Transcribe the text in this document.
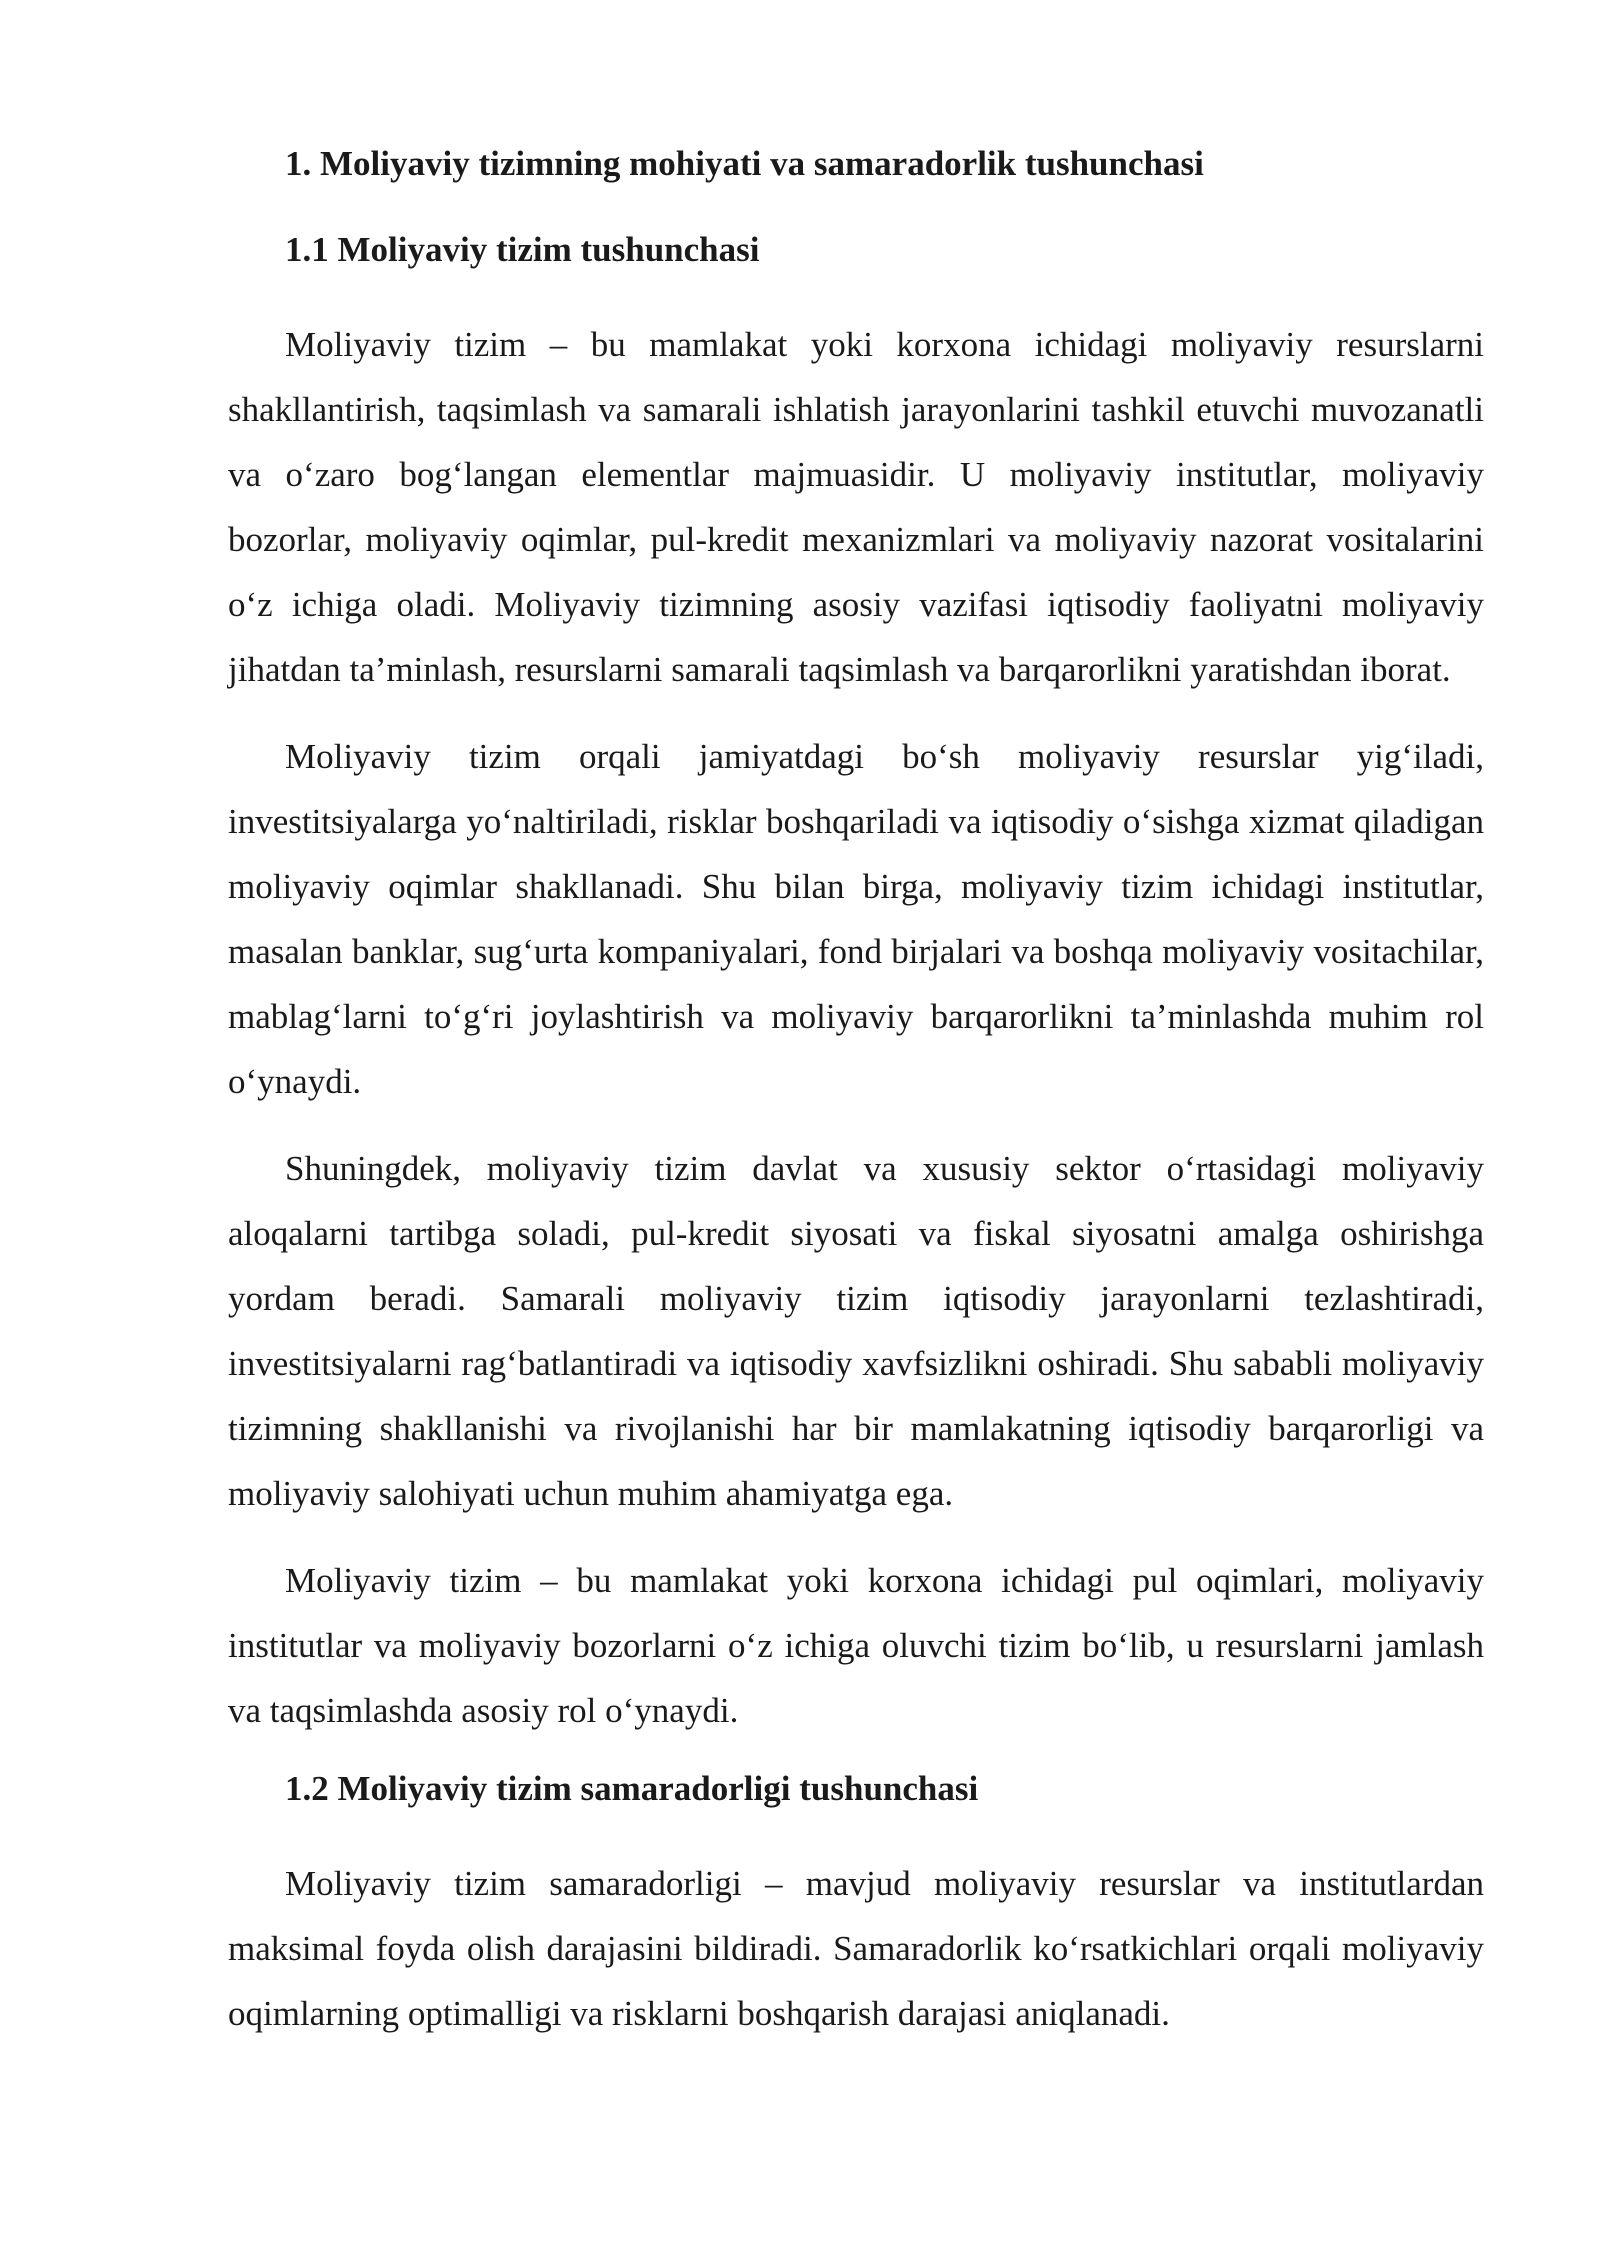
1. Moliyaviy tizimning mohiyati va samaradorlik tushunchasi
1.1 Moliyaviy tizim tushunchasi

Moliyaviy tizim – bu mamlakat yoki korxona ichidagi moliyaviy resurslarni shakllantirish, taqsimlash va samarali ishlatish jarayonlarini tashkil etuvchi muvozanatli va o‘zaro bog‘langan elementlar majmuasidir. U moliyaviy institutlar, moliyaviy bozorlar, moliyaviy oqimlar, pul-kredit mexanizmlari va moliyaviy nazorat vositalarini o‘z ichiga oladi. Moliyaviy tizimning asosiy vazifasi iqtisodiy faoliyatni moliyaviy jihatdan ta’minlash, resurslarni samarali taqsimlash va barqarorlikni yaratishdan iborat.

Moliyaviy tizim orqali jamiyatdagi bo‘sh moliyaviy resurslar yig‘iladi, investitsiyalarga yo‘naltiriladi, risklar boshqariladi va iqtisodiy o‘sishga xizmat qiladigan moliyaviy oqimlar shakllanadi. Shu bilan birga, moliyaviy tizim ichidagi institutlar, masalan banklar, sug‘urta kompaniyalari, fond birjalari va boshqa moliyaviy vositachilar, mablag‘larni to‘g‘ri joylashtirish va moliyaviy barqarorlikni ta’minlashda muhim rol o‘ynaydi.

Shuningdek, moliyaviy tizim davlat va xususiy sektor o‘rtasidagi moliyaviy aloqalarni tartibga soladi, pul-kredit siyosati va fiskal siyosatni amalga oshirishga yordam beradi. Samarali moliyaviy tizim iqtisodiy jarayonlarni tezlashtiradi, investitsiyalarni rag‘batlantiradi va iqtisodiy xavfsizlikni oshiradi. Shu sababli moliyaviy tizimning shakllanishi va rivojlanishi har bir mamlakatning iqtisodiy barqarorligi va moliyaviy salohiyati uchun muhim ahamiyatga ega.

Moliyaviy tizim – bu mamlakat yoki korxona ichidagi pul oqimlari, moliyaviy institutlar va moliyaviy bozorlarni o‘z ichiga oluvchi tizim bo‘lib, u resurslarni jamlash va taqsimlashda asosiy rol o‘ynaydi.

1.2 Moliyaviy tizim samaradorligi tushunchasi

Moliyaviy tizim samaradorligi – mavjud moliyaviy resurslar va institutlardan maksimal foyda olish darajasini bildiradi. Samaradorlik ko‘rsatkichlari orqali moliyaviy oqimlarning optimalligi va risklarni boshqarish darajasi aniqlanadi.
